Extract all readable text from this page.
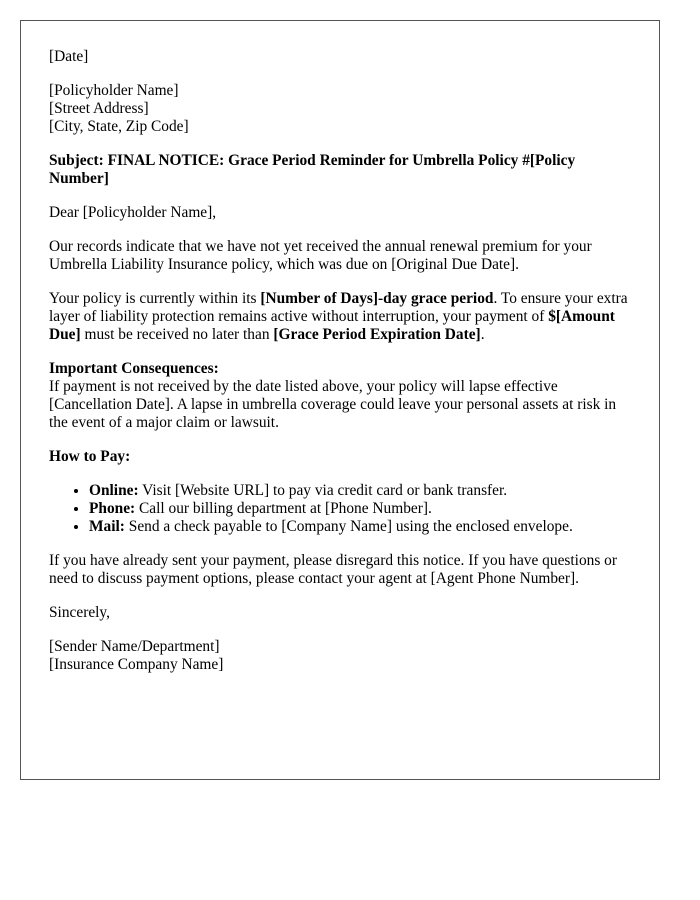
[Date]

[Policyholder Name]
[Street Address]
[City, State, Zip Code]

Subject: FINAL NOTICE: Grace Period Reminder for Umbrella Policy #[Policy Number]

Dear [Policyholder Name],

Our records indicate that we have not yet received the annual renewal premium for your Umbrella Liability Insurance policy, which was due on [Original Due Date].

Your policy is currently within its [Number of Days]-day grace period. To ensure your extra layer of liability protection remains active without interruption, your payment of $[Amount Due] must be received no later than [Grace Period Expiration Date].

Important Consequences:
If payment is not received by the date listed above, your policy will lapse effective [Cancellation Date]. A lapse in umbrella coverage could leave your personal assets at risk in the event of a major claim or lawsuit.

How to Pay:

• Online: Visit [Website URL] to pay via credit card or bank transfer.
• Phone: Call our billing department at [Phone Number].
• Mail: Send a check payable to [Company Name] using the enclosed envelope.

If you have already sent your payment, please disregard this notice. If you have questions or need to discuss payment options, please contact your agent at [Agent Phone Number].

Sincerely,

[Sender Name/Department]
[Insurance Company Name]
